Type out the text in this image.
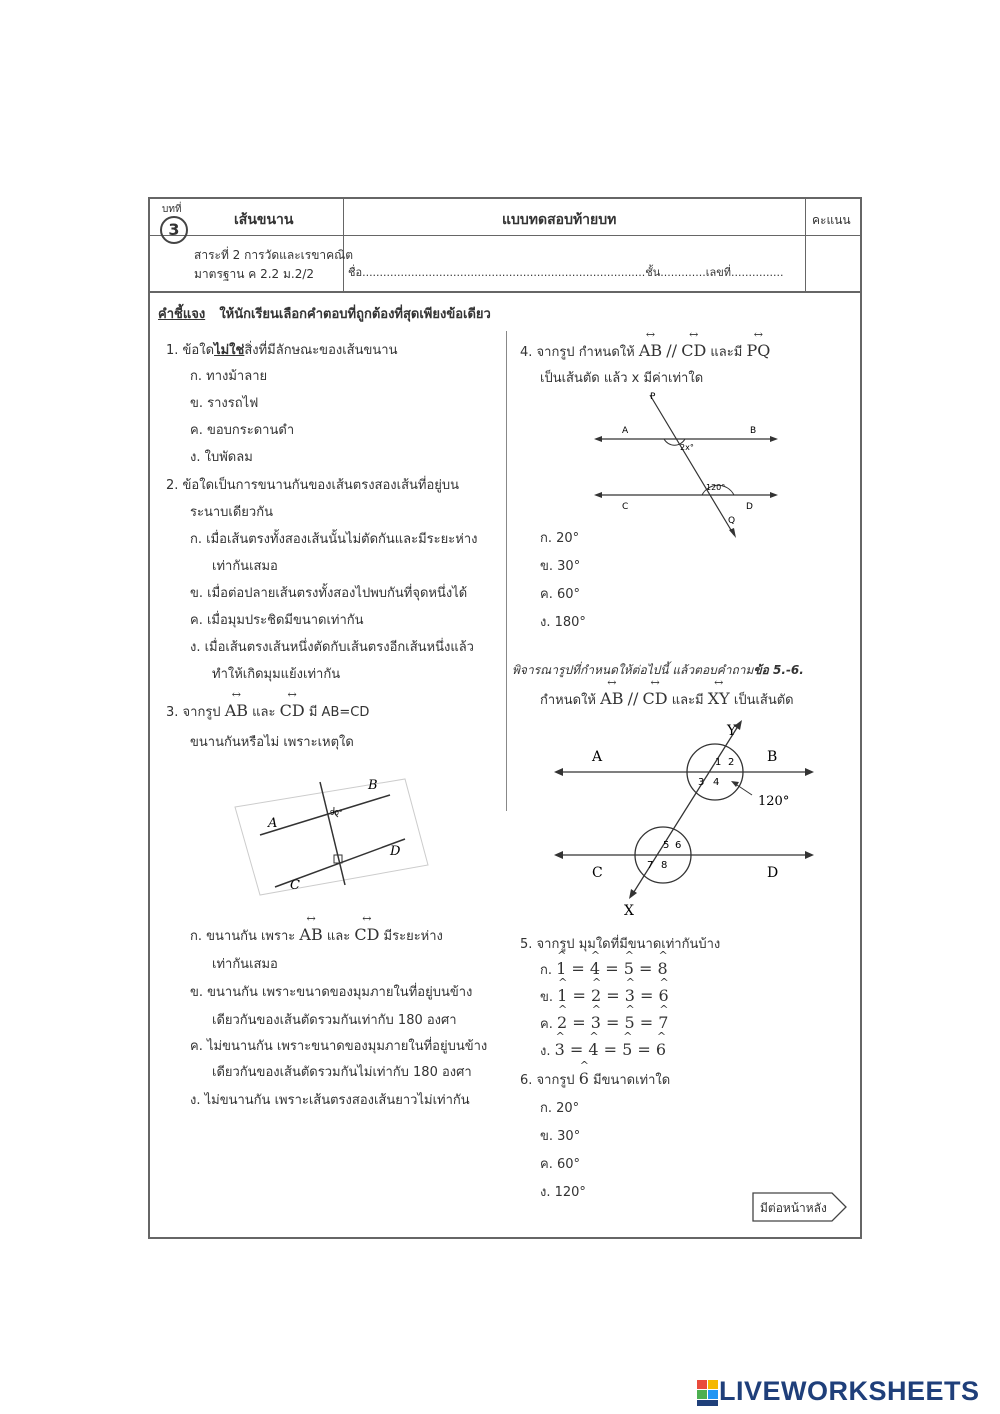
บทที่
3	เส้นขนาน	แบบทดสอบท้ายบท	คะแนน
สาระที่ 2 การวัดและเรขาคณิต
มาตรฐาน ค 2.2 ม.2/2	ชื่อ.................................................................................ชั้น.............เลขที่...............
คำชี้แจง ให้นักเรียนเลือกคำตอบที่ถูกต้องที่สุดเพียงข้อเดียว
1. ข้อใดไม่ใช่สิ่งที่มีลักษณะของเส้นขนาน
ก. ทางม้าลาย
ข. รางรถไฟ
ค. ขอบกระดานดำ
ง. ใบพัดลม
2. ข้อใดเป็นการขนานกันของเส้นตรงสองเส้นที่อยู่บน
ระนาบเดียวกัน
ก. เมื่อเส้นตรงทั้งสองเส้นนั้นไม่ตัดกันและมีระยะห่าง
เท่ากันเสมอ
ข. เมื่อต่อปลายเส้นตรงทั้งสองไปพบกันที่จุดหนึ่งได้
ค. เมื่อมุมประชิดมีขนาดเท่ากัน
ง. เมื่อเส้นตรงเส้นหนึ่งตัดกับเส้นตรงอีกเส้นหนึ่งแล้ว
ทำให้เกิดมุมแย้งเท่ากัน
3. จากรูป ↔ AB และ ↔ CD มี AB=CD
ขนานกันหรือไม่ เพราะเหตุใด
A
B
C
D
90°
ก. ขนานกัน เพราะ ↔ AB และ ↔ CD มีระยะห่าง
เท่ากันเสมอ
ข. ขนานกัน เพราะขนาดของมุมภายในที่อยู่บนข้าง
เดียวกันของเส้นตัดรวมกันเท่ากับ 180 องศา
ค. ไม่ขนานกัน เพราะขนาดของมุมภายในที่อยู่บนข้าง
เดียวกันของเส้นตัดรวมกันไม่เท่ากับ 180 องศา
ง. ไม่ขนานกัน เพราะเส้นตรงสองเส้นยาวไม่เท่ากัน
4. จากรูป กำหนดให้ ↔ AB // ↔ CD และมี ↔ PQ
เป็นเส้นตัด แล้ว x มีค่าเท่าใด
P
Q
A	B
C	D
2x°
120°
ก. 20°
ข. 30°
ค. 60°
ง. 180°
พิจารณารูปที่กำหนดให้ต่อไปนี้ แล้วตอบคำถามข้อ 5.-6.
กำหนดให้ ↔ AB // ↔ CD และมี ↔ XY เป็นเส้นตัด
A	B
C	D
Y
X
120°
1 2
3 4
5 6
7 8
5. จากรูป มุมใดที่มีขนาดเท่ากันบ้าง
ก. ^ 1 = ^ 4 = ^ 5 = ^ 8
ข. ^ 1 = ^ 2 = ^ 3 = ^ 6
ค. ^ 2 = ^ 3 = ^ 5 = ^ 7
ง. ^ 3 = ^ 4 = ^ 5 = ^ 6
6. จากรูป ^ 6 มีขนาดเท่าใด
ก. 20°
ข. 30°
ค. 60°
ง. 120°
มีต่อหน้าหลัง
LIVEWORKSHEETS
